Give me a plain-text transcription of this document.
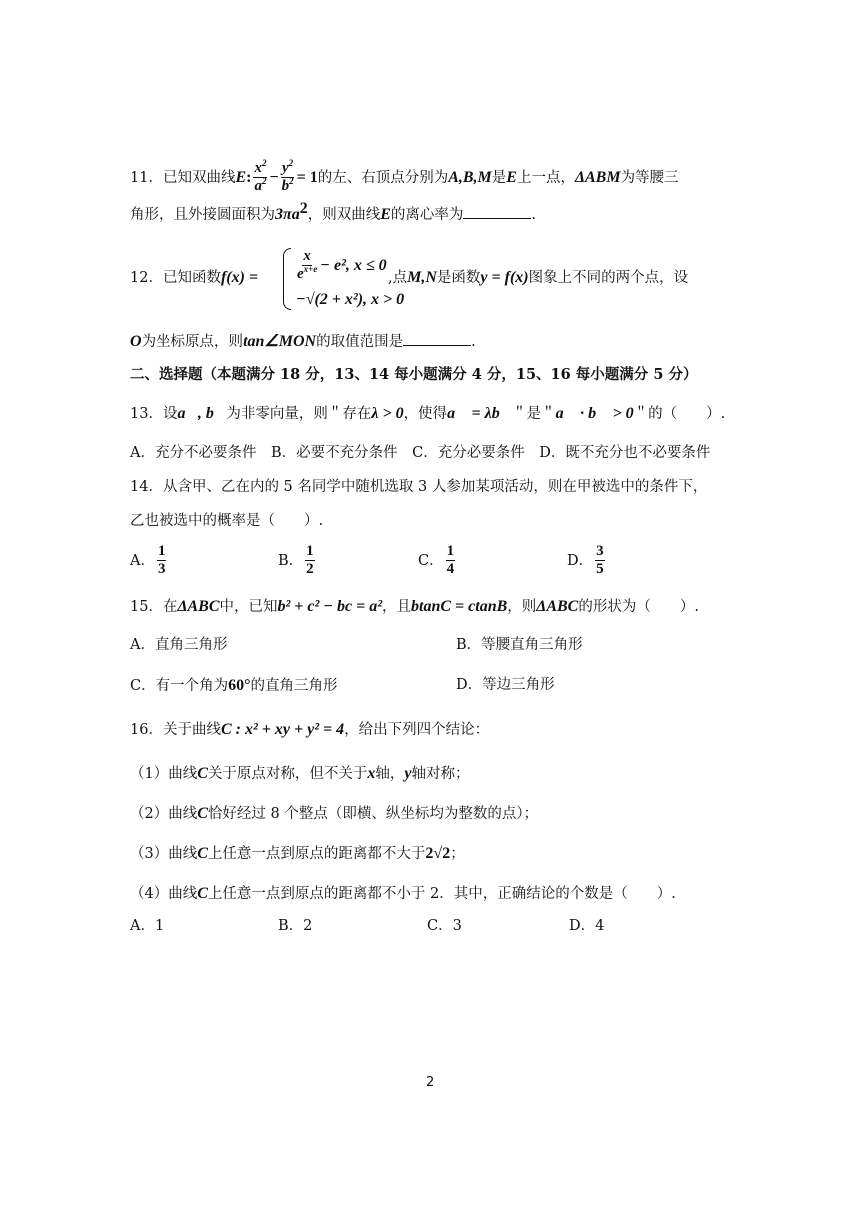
11．已知双曲线E: $\frac{x^2}{a^2} - \frac{y^2}{b^2} = 1$的左、右顶点分别为A,B,M是E上一点，ΔABM为等腰三
角形，且外接圆面积为$3\pi a^2$，则双曲线E的离心率为	.
12．已知函数f(x) =	$\frac{x}{e^{x+e}} - e^2$, x ≤ 0
−√(2 + x²), x > 0
,点M,N是函数y = f(x)图象上不同的两个点，设
O为坐标原点，则tan∠MON的取值范围是	.
二、选择题（本题满分 18 分，13、14 每小题满分 4 分，15、16 每小题满分 5 分）
13．设a⃗, b⃗为非零向量，则＂存在λ > 0，使得a⃗ = λb⃗＂是＂a⃗ · b⃗ > 0＂的（　　）.
A．充分不必要条件　B．必要不充分条件　C．充分必要条件　D．既不充分也不必要条件
14．从含甲、乙在内的 5 名同学中随机选取 3 人参加某项活动，则在甲被选中的条件下，
乙也被选中的概率是（　　）.
A． $\frac{1}{3}$	B． $\frac{1}{2}$	C． $\frac{1}{4}$	D． $\frac{3}{5}$
15．在ΔABC中，已知b² + c² − bc = a²，且btanC = ctanB，则ΔABC的形状为（　　）.
A．直角三角形	B．等腰直角三角形
C．有一个角为60°的直角三角形	D．等边三角形
16．关于曲线C : x² + xy + y² = 4，给出下列四个结论：
（1）曲线C关于原点对称，但不关于x轴，y轴对称；
（2）曲线C恰好经过 8 个整点（即横、纵坐标均为整数的点）；
（3）曲线C上任意一点到原点的距离都不大于2√2；
（4）曲线C上任意一点到原点的距离都不小于 2．其中，正确结论的个数是（　　）.
A．1	B．2	C．3	D．4
2
